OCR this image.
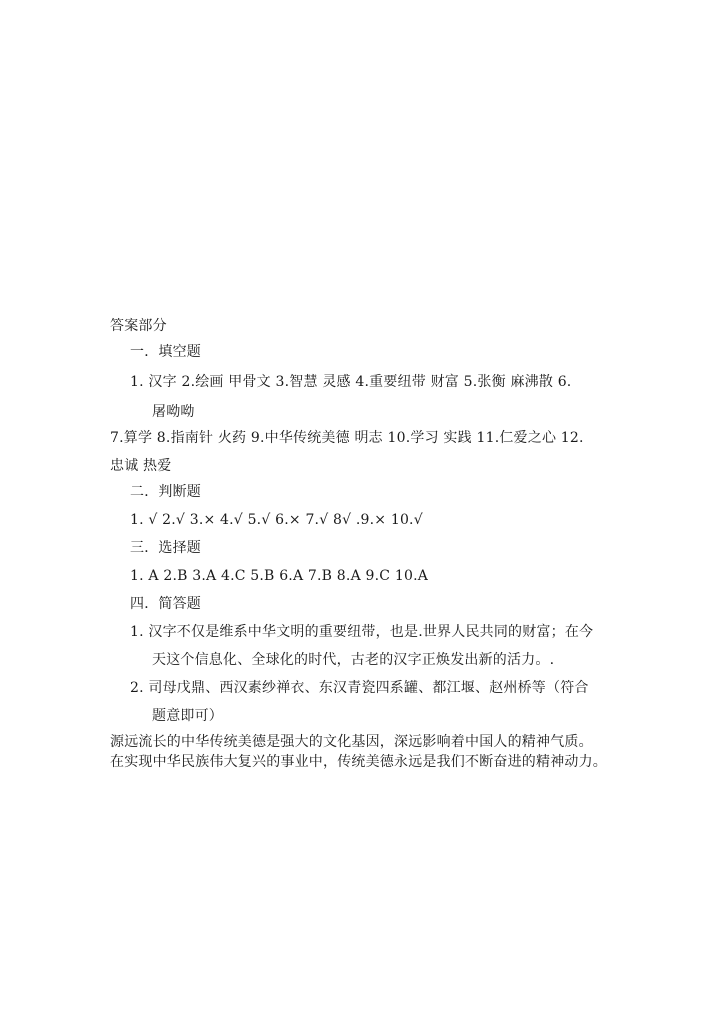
答案部分
一．填空题
1. 汉字 2.绘画 甲骨文 3.智慧 灵感 4.重要纽带 财富 5.张衡 麻沸散 6.
屠呦呦
7.算学 8.指南针 火药 9.中华传统美德 明志 10.学习 实践 11.仁爱之心 12.
忠诚 热爱
二．判断题
1. √ 2.√ 3.× 4.√ 5.√ 6.× 7.√ 8√ .9.× 10.√
三．选择题
1. A 2.B 3.A 4.C 5.B 6.A 7.B 8.A 9.C 10.A
四．简答题
1. 汉字不仅是维系中华文明的重要纽带，也是.世界人民共同的财富；在今
天这个信息化、全球化的时代，古老的汉字正焕发出新的活力。.
2. 司母戊鼎、西汉素纱禅衣、东汉青瓷四系罐、都江堰、赵州桥等（符合
题意即可）
源远流长的中华传统美德是强大的文化基因，深远影响着中国人的精神气质。
在实现中华民族伟大复兴的事业中，传统美德永远是我们不断奋进的精神动力。
